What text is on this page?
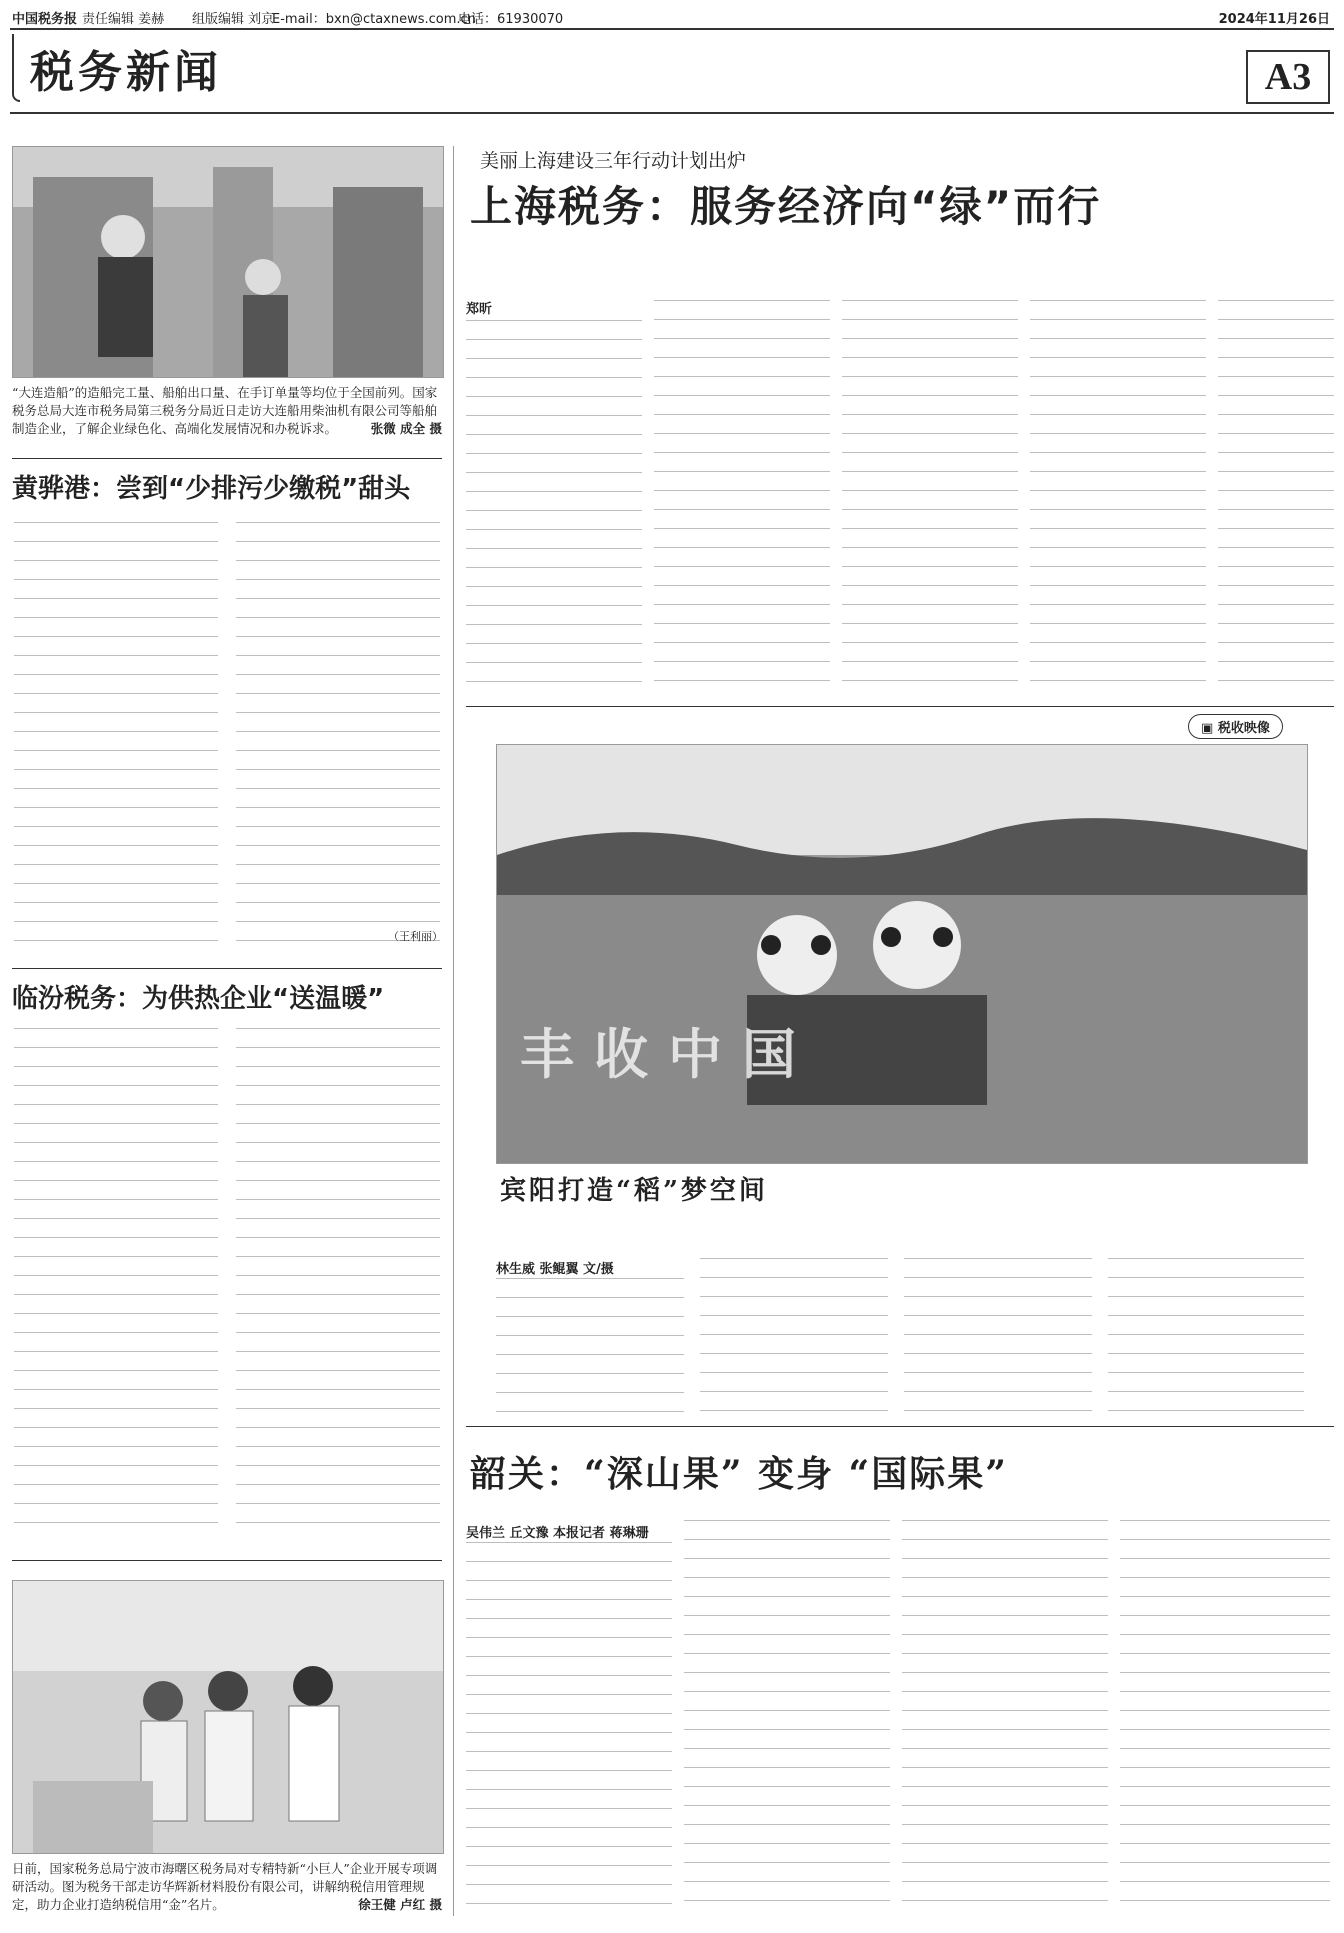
中国税务报 责任编辑 姜赫 组版编辑 刘京
E-mail：bxn@ctaxnews.com.cn
电话：61930070	2024年11月26日
税务新闻	A3
“大连造船”的造船完工量、船舶出口量、在手订单量等均位于全国前列。国家税务总局大连市税务局第三税务分局近日走访大连船用柴油机有限公司等船舶制造企业，了解企业绿色化、高端化发展情况和办税诉求。	张微 成全 摄
黄骅港：尝到“少排污少缴税”甜头
（王利丽）
临汾税务：为供热企业“送温暖”
日前，国家税务总局宁波市海曙区税务局对专精特新“小巨人”企业开展专项调研活动。图为税务干部走访华辉新材料股份有限公司，讲解纳税信用管理规定，助力企业打造纳税信用“金”名片。	徐王健 卢红 摄
美丽上海建设三年行动计划出炉
上海税务：服务经济向“绿”而行
郑昕
▣ 税收映像
丰收中国
宾阳打造“稻”梦空间
林生威 张鲲翼 文/摄
韶关：“深山果” 变身 “国际果”
吴伟兰 丘文豫 本报记者 蒋琳珊
